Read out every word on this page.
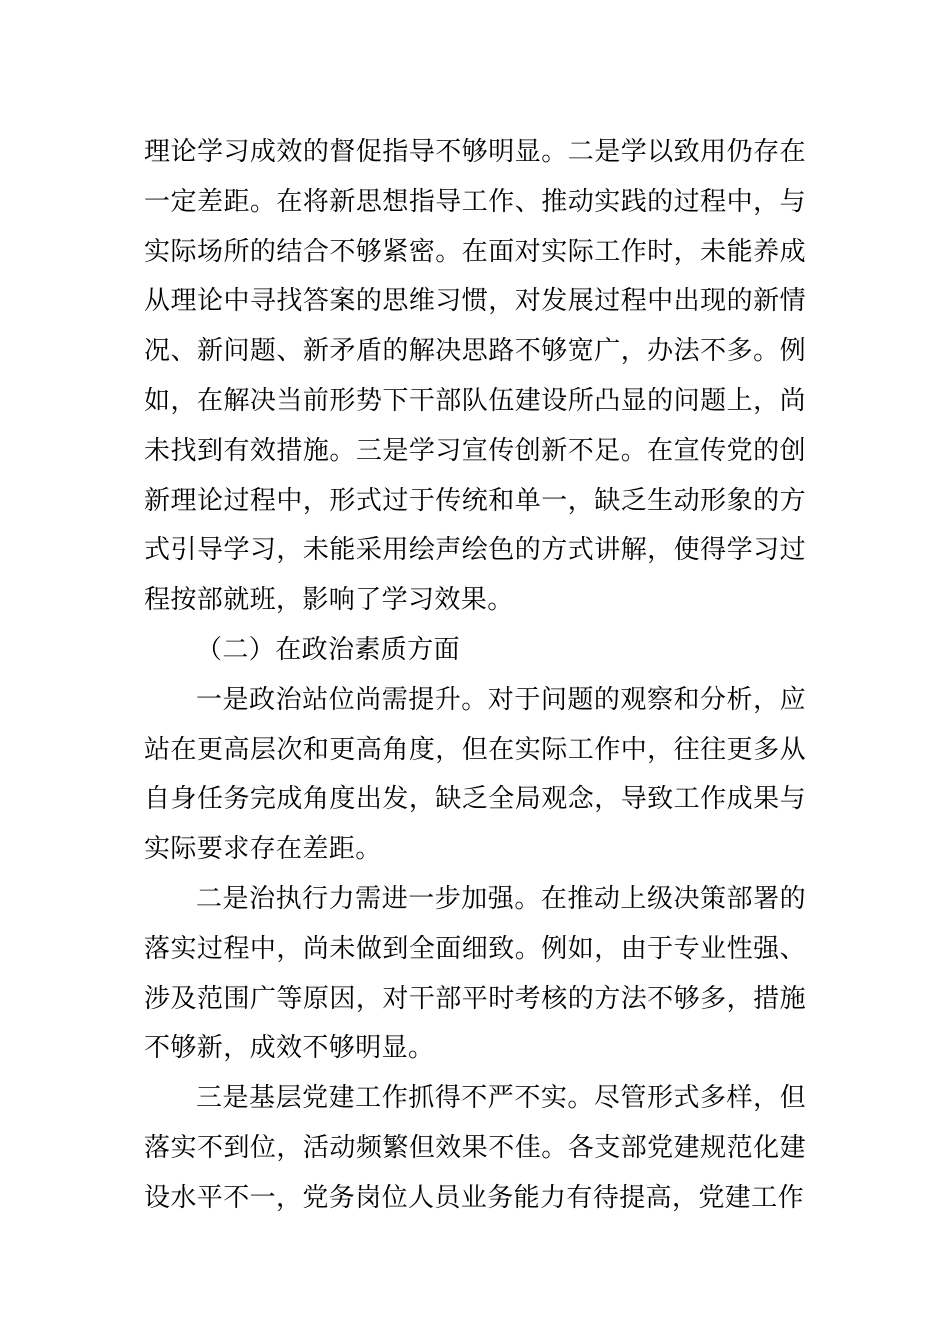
理论学习成效的督促指导不够明显。二是学以致用仍存在一定差距。在将新思想指导工作、推动实践的过程中，与实际场所的结合不够紧密。在面对实际工作时，未能养成从理论中寻找答案的思维习惯，对发展过程中出现的新情况、新问题、新矛盾的解决思路不够宽广，办法不多。例如，在解决当前形势下干部队伍建设所凸显的问题上，尚未找到有效措施。三是学习宣传创新不足。在宣传党的创新理论过程中，形式过于传统和单一，缺乏生动形象的方式引导学习，未能采用绘声绘色的方式讲解，使得学习过程按部就班，影响了学习效果。

（二）在政治素质方面

一是政治站位尚需提升。对于问题的观察和分析，应站在更高层次和更高角度，但在实际工作中，往往更多从自身任务完成角度出发，缺乏全局观念，导致工作成果与实际要求存在差距。

二是治执行力需进一步加强。在推动上级决策部署的落实过程中，尚未做到全面细致。例如，由于专业性强、涉及范围广等原因，对干部平时考核的方法不够多，措施不够新，成效不够明显。

三是基层党建工作抓得不严不实。尽管形式多样，但落实不到位，活动频繁但效果不佳。各支部党建规范化建设水平不一，党务岗位人员业务能力有待提高，党建工作
